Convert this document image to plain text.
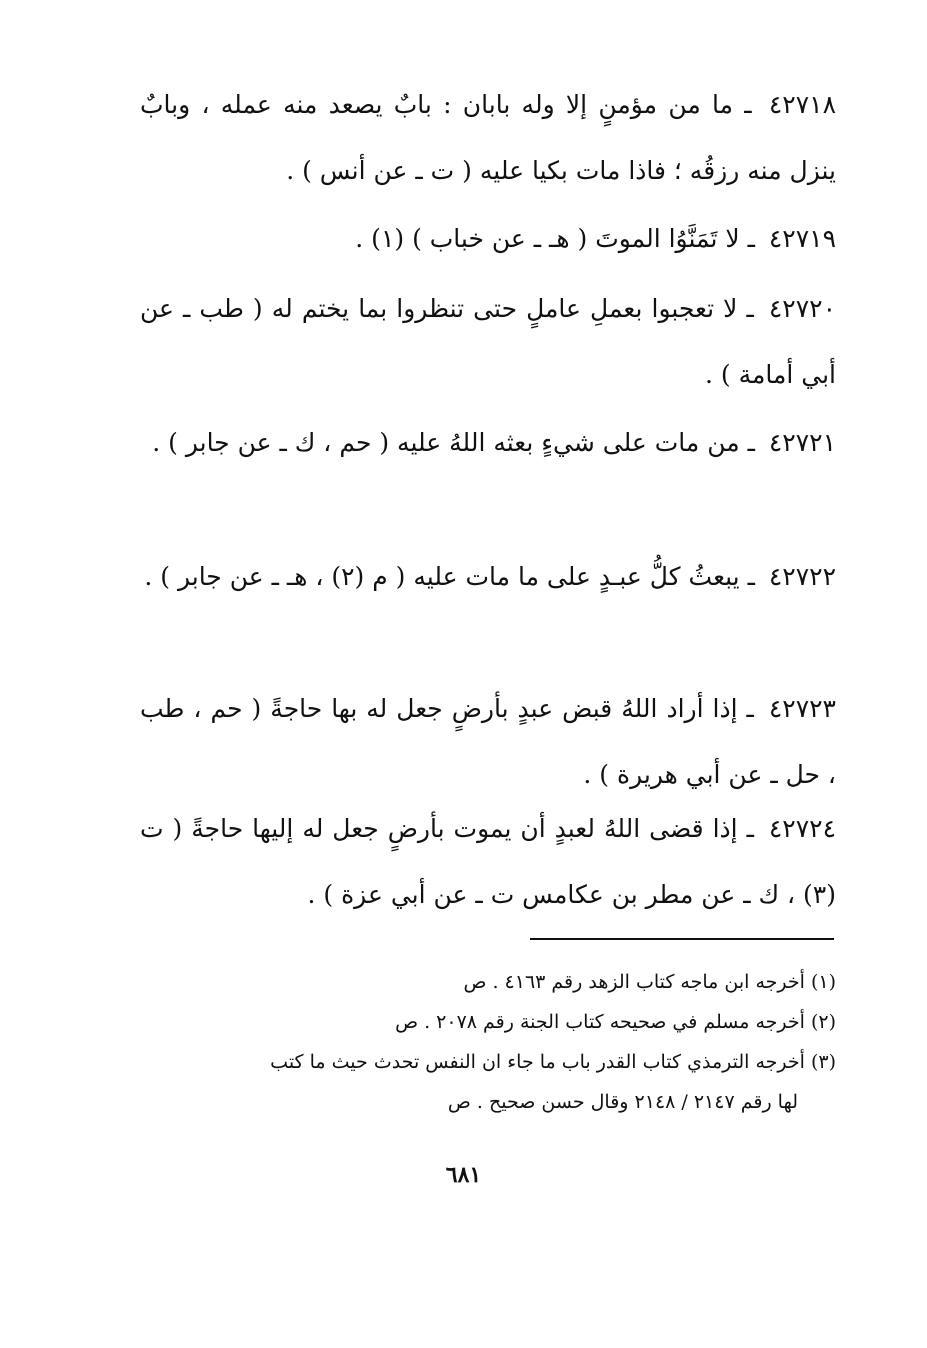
٤٢٧١٨ ـ ما من مؤمنٍ إلا وله بابان : بابٌ يصعد منه عمله ، وبابٌ ينزل منه رزقُه ؛ فاذا مات بكيا عليه ( ت ـ عن أنس ) .

٤٢٧١٩ ـ لا تَمَنَّوُا الموتَ ( هـ ـ عن خباب ) (١) .

٤٢٧٢٠ ـ لا تعجبوا بعملِ عاملٍ حتى تنظروا بما يختم له ( طب ـ عن أبي أمامة ) .

٤٢٧٢١ ـ من مات على شيءٍ بعثه اللهُ عليه ( حم ، ك ـ عن جابر ) .

٤٢٧٢٢ ـ يبعثُ كلُّ عبـدٍ على ما مات عليه ( م (٢) ، هـ ـ عن جابر ) .

٤٢٧٢٣ ـ إذا أراد اللهُ قبض عبدٍ بأرضٍ جعل له بها حاجةً ( حم ، طب ، حل ـ عن أبي هريرة ) .

٤٢٧٢٤ ـ إذا قضى اللهُ لعبدٍ أن يموت بأرضٍ جعل له إليها حاجةً ( ت (٣) ، ك ـ عن مطر بن عكامس ت ـ عن أبي عزة ) .

(١) أخرجه ابن ماجه كتاب الزهد رقم ٤١٦٣ . ص

(٢) أخرجه مسلم في صحيحه كتاب الجنة رقم ٢٠٧٨ . ص

(٣) أخرجه الترمذي كتاب القدر باب ما جاء ان النفس تحدث حيث ما كتب
لها رقم ٢١٤٧ / ٢١٤٨ وقال حسن صحيح . ص

٦٨١
